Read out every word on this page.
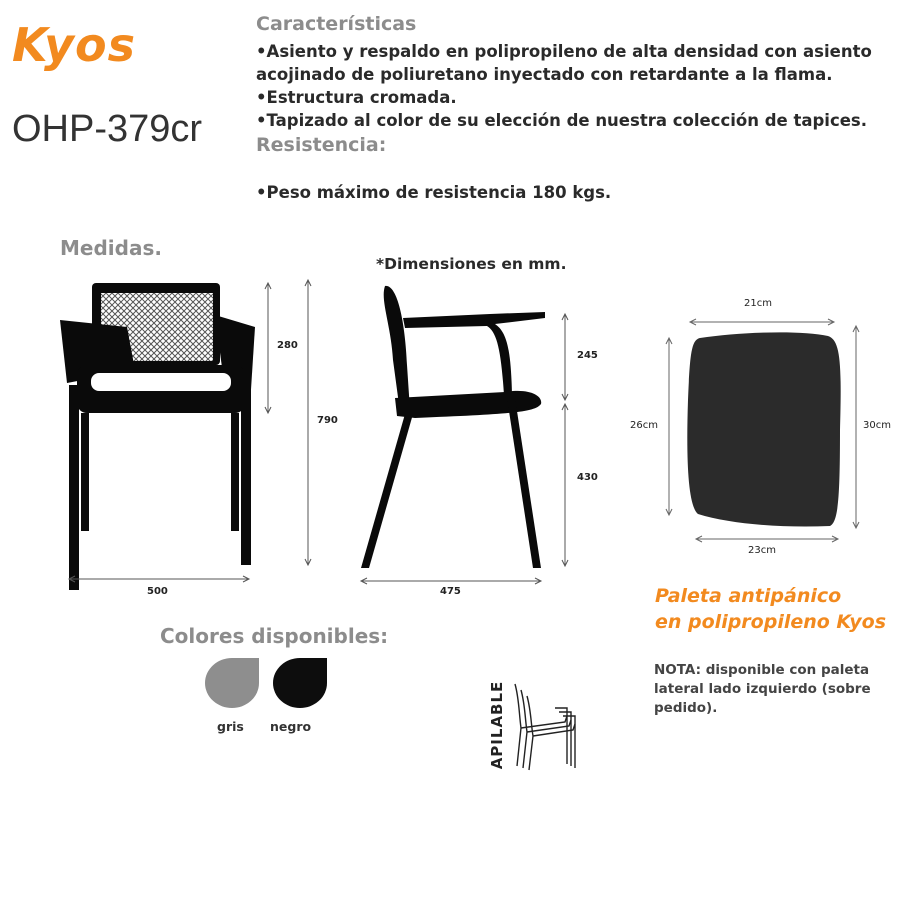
Kyos
OHP-379cr
Características
•Asiento y respaldo en polipropileno de alta densidad con asiento
acojinado de poliuretano inyectado con retardante a la flama.
•Estructura cromada.
•Tapizado al color de su elección de nuestra colección de tapices.
Resistencia:
•Peso máximo de resistencia 180 kgs.
Medidas.
*Dimensiones en mm.
280
790
500
245
430
475
21cm
23cm
26cm	30cm
Paleta antipánico
en polipropileno Kyos
NOTA: disponible con paleta lateral lado izquierdo (sobre pedido).
Colores disponibles:
gris negro	APILABLE
